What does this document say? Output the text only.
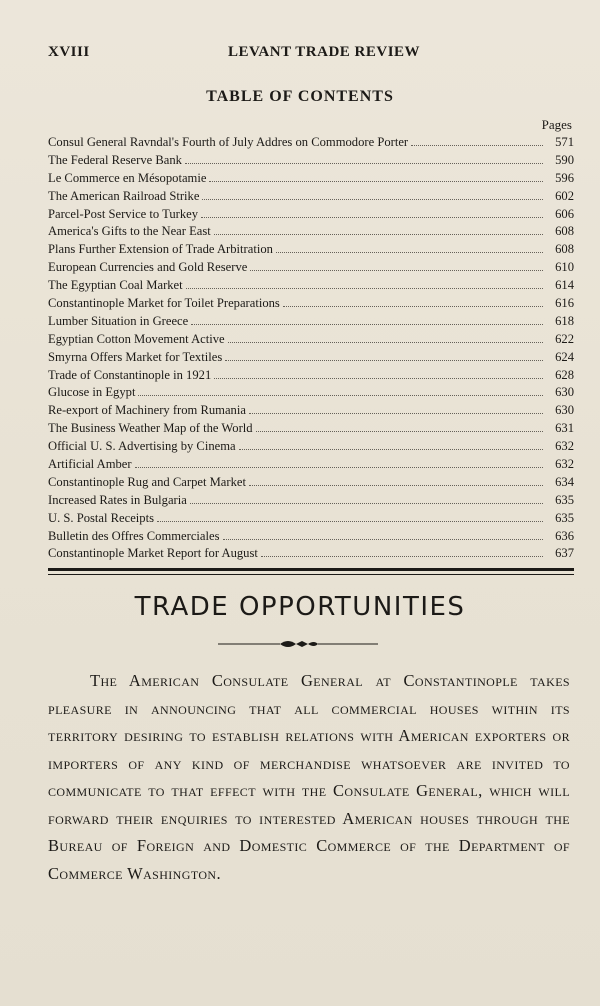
XVIII	LEVANT TRADE REVIEW
TABLE OF CONTENTS
Pages
Consul General Ravndal's Fourth of July Addres on Commodore Porter	571
The Federal Reserve Bank	590
Le Commerce en Mésopotamie	596
The American Railroad Strike	602
Parcel-Post Service to Turkey	606
America's Gifts to the Near East	608
Plans Further Extension of Trade Arbitration	608
European Currencies and Gold Reserve	610
The Egyptian Coal Market	614
Constantinople Market for Toilet Preparations	616
Lumber Situation in Greece	618
Egyptian Cotton Movement Active	622
Smyrna Offers Market for Textiles	624
Trade of Constantinople in 1921	628
Glucose in Egypt	630
Re-export of Machinery from Rumania	630
The Business Weather Map of the World	631
Official U. S. Advertising by Cinema	632
Artificial Amber	632
Constantinople Rug and Carpet Market	634
Increased Rates in Bulgaria	635
U. S. Postal Receipts	635
Bulletin des Offres Commerciales	636
Constantinople Market Report for August	637
TRADE OPPORTUNITIES
The American Consulate General at Constantinople takes pleasure in announcing that all commercial houses within its territory desiring to establish relations with American exporters or importers of any kind of merchandise whatsoever are invited to communicate to that effect with the Consulate General, which will forward their enquiries to interested American houses through the Bureau of Foreign and Domestic Commerce of the Department of Commerce Washington.
